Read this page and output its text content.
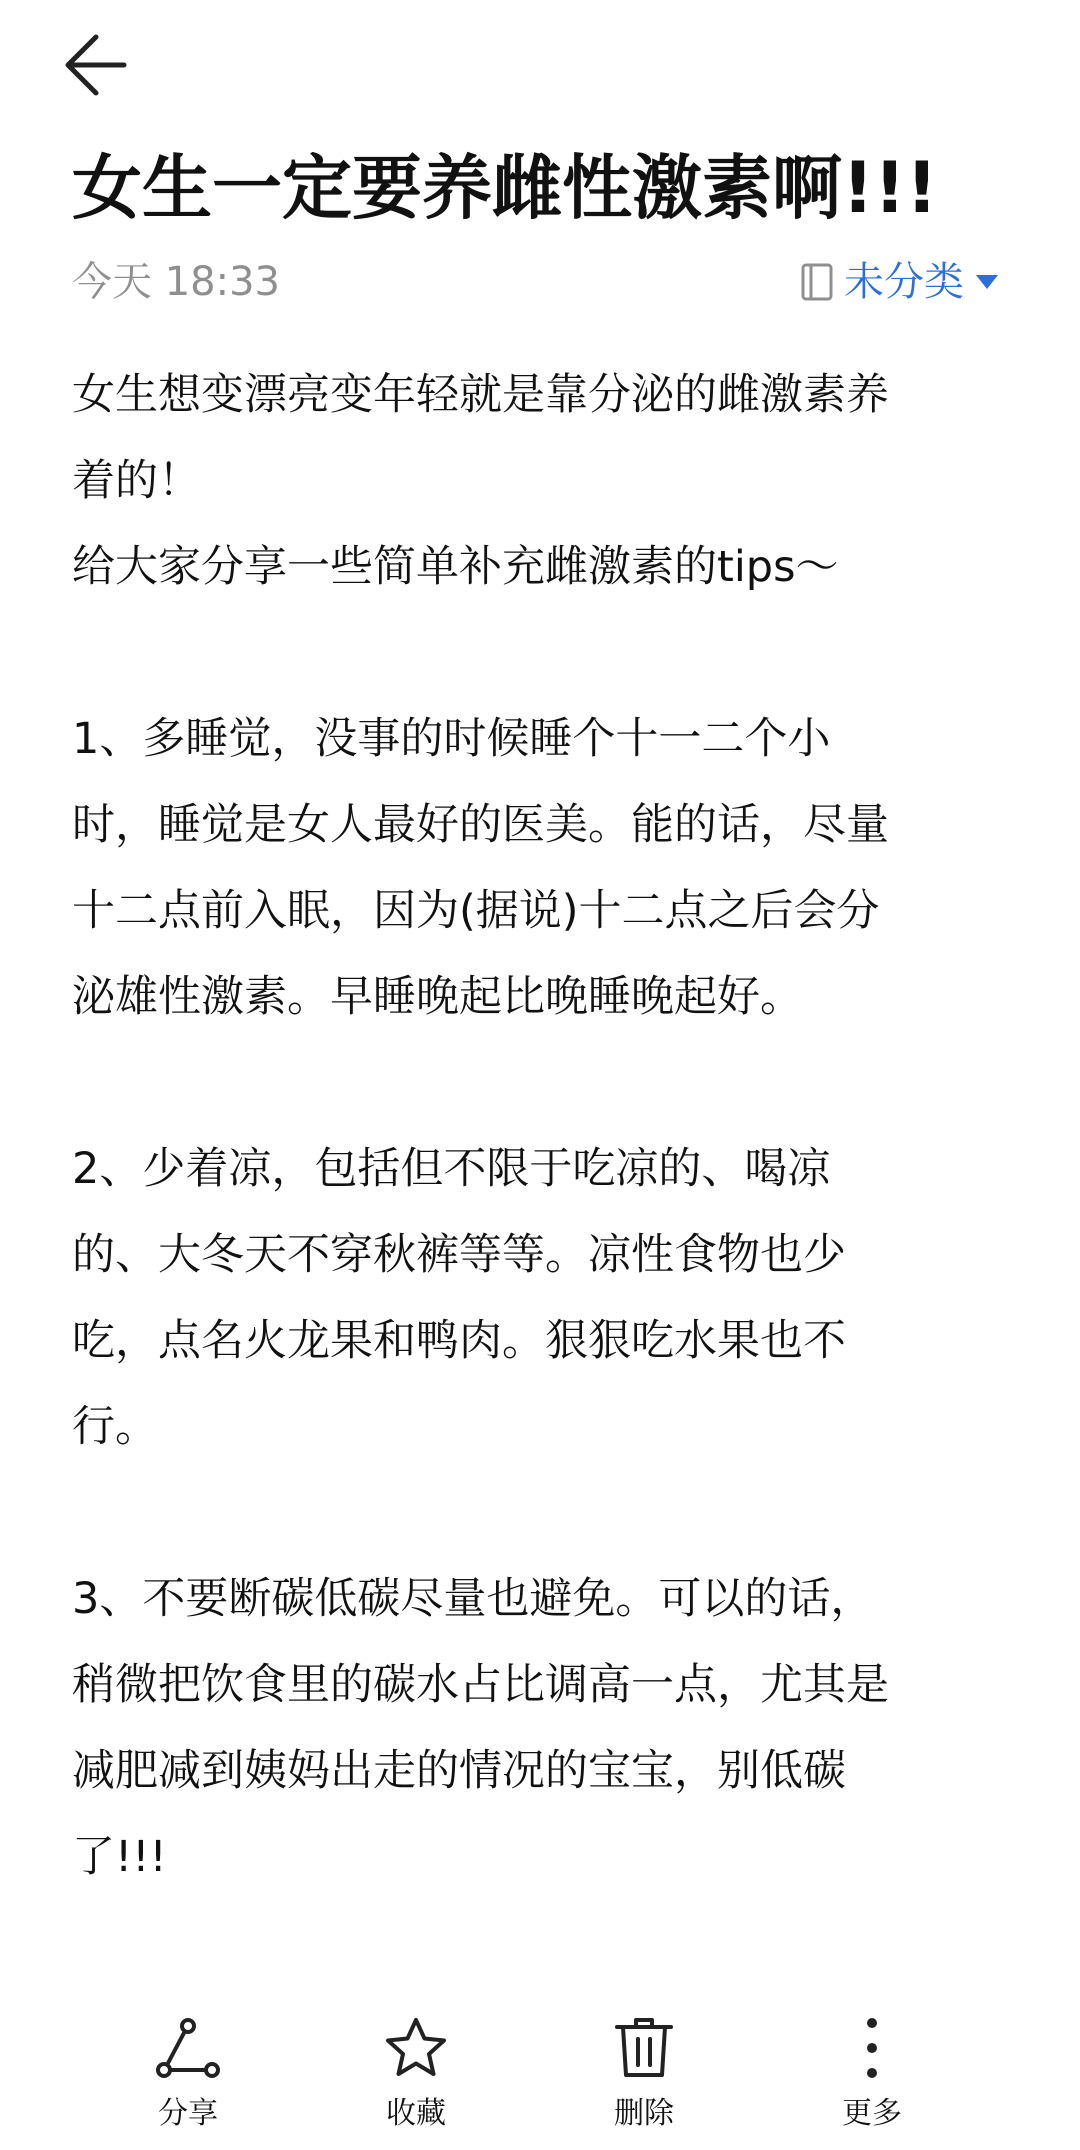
女生一定要养雌性激素啊!!!
今天 18:33	未分类
女生想变漂亮变年轻就是靠分泌的雌激素养
着的！
给大家分享一些简单补充雌激素的tips～
1、多睡觉，没事的时候睡个十一二个小
时，睡觉是女人最好的医美。能的话，尽量
十二点前入眠，因为(据说)十二点之后会分
泌雄性激素。早睡晚起比晚睡晚起好。
2、少着凉，包括但不限于吃凉的、喝凉
的、大冬天不穿秋裤等等。凉性食物也少
吃，点名火龙果和鸭肉。狠狠吃水果也不
行。
3、不要断碳低碳尽量也避免。可以的话，
稍微把饮食里的碳水占比调高一点，尤其是
减肥减到姨妈出走的情况的宝宝，别低碳
了!!!
分享	收藏	删除	更多
